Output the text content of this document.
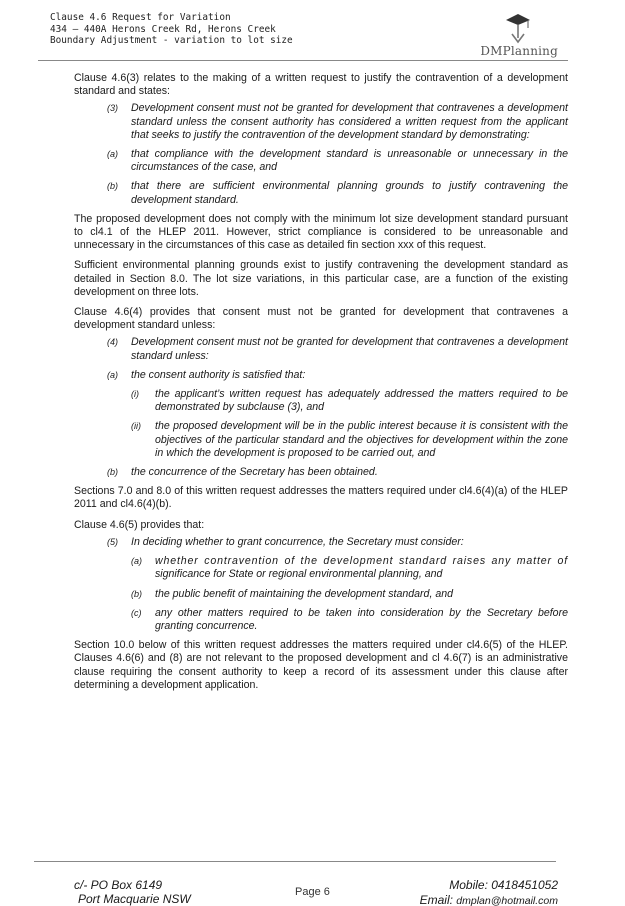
Clause 4.6 Request for Variation
434 – 440A Herons Creek Rd, Herons Creek
Boundary Adjustment - variation to lot size
DMPlanning
Clause 4.6(3) relates to the making of a written request to justify the contravention of a development standard and states:
(3) Development consent must not be granted for development that contravenes a development standard unless the consent authority has considered a written request from the applicant that seeks to justify the contravention of the development standard by demonstrating:
(a) that compliance with the development standard is unreasonable or unnecessary in the circumstances of the case, and
(b) that there are sufficient environmental planning grounds to justify contravening the development standard.
The proposed development does not comply with the minimum lot size development standard pursuant to cl4.1 of the HLEP 2011. However, strict compliance is considered to be unreasonable and unnecessary in the circumstances of this case as detailed fin section xxx of this request.
Sufficient environmental planning grounds exist to justify contravening the development standard as detailed in Section 8.0. The lot size variations, in this particular case, are a function of the existing development on three lots.
Clause 4.6(4) provides that consent must not be granted for development that contravenes a development standard unless:
(4) Development consent must not be granted for development that contravenes a development standard unless:
(a) the consent authority is satisfied that:
(i) the applicant’s written request has adequately addressed the matters required to be demonstrated by subclause (3), and
(ii) the proposed development will be in the public interest because it is consistent with the objectives of the particular standard and the objectives for development within the zone in which the development is proposed to be carried out, and
(b) the concurrence of the Secretary has been obtained.
Sections 7.0 and 8.0 of this written request addresses the matters required under cl4.6(4)(a) of the HLEP 2011 and cl4.6(4)(b).
Clause 4.6(5) provides that:
(5) In deciding whether to grant concurrence, the Secretary must consider:
(a) whether contravention of the development standard raises any matter of significance for State or regional environmental planning, and
(b) the public benefit of maintaining the development standard, and
(c) any other matters required to be taken into consideration by the Secretary before granting concurrence.
Section 10.0 below of this written request addresses the matters required under cl4.6(5) of the HLEP. Clauses 4.6(6) and (8) are not relevant to the proposed development and cl 4.6(7) is an administrative clause requiring the consent authority to keep a record of its assessment under this clause after determining a development application.
c/- PO Box 6149
Port Macquarie NSW	Page 6	Mobile: 0418451052
Email: dmplan@hotmail.com
